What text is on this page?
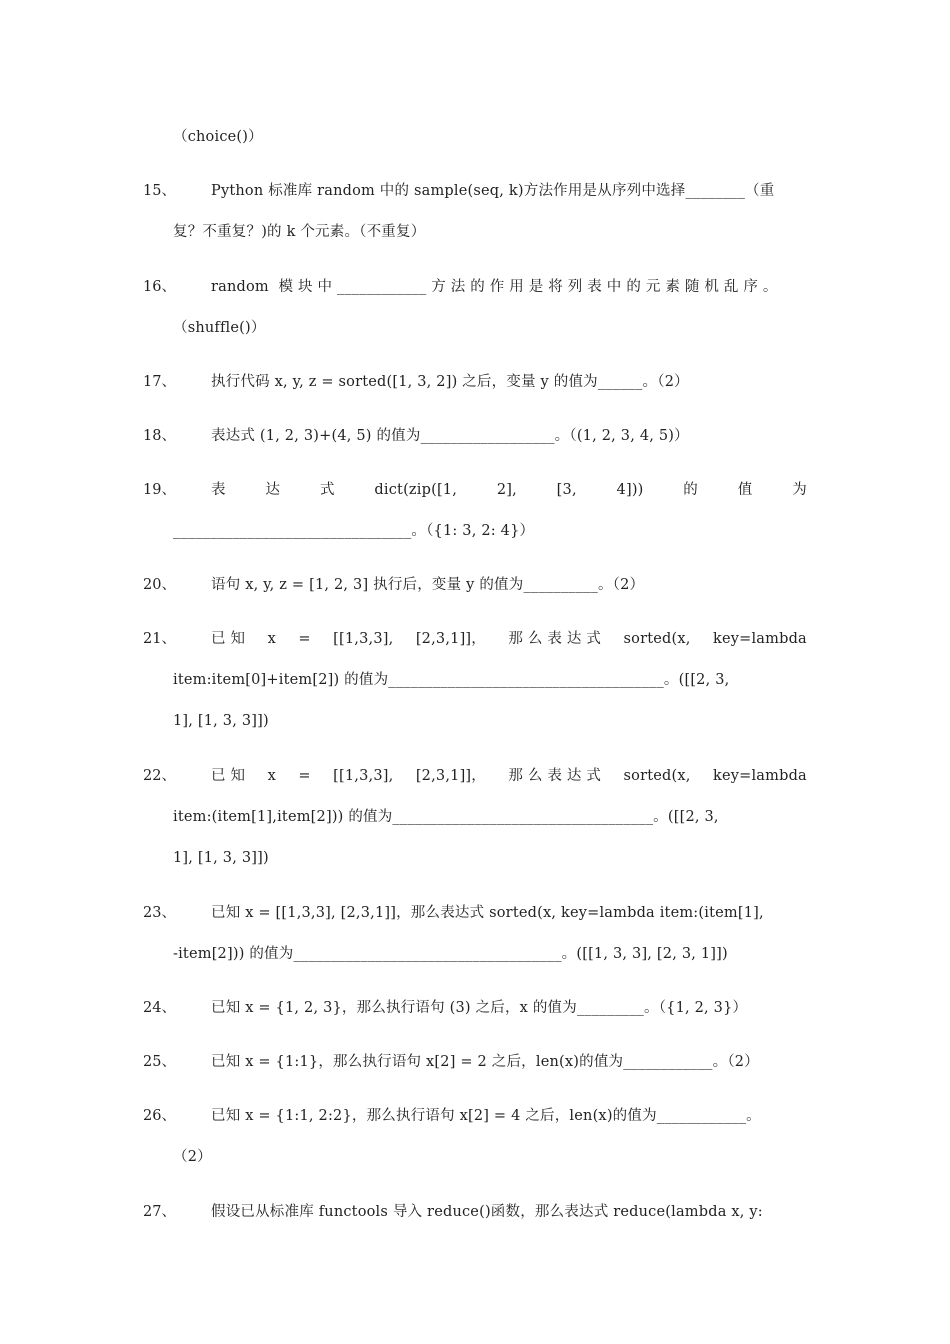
（choice()）
15、 Python 标准库 random 中的 sample(seq, k)方法作用是从序列中选择________（重
复？不重复？)的 k 个元素。（不重复）
16、 random  模 块 中 ____________ 方 法 的 作 用 是 将 列 表 中 的 元 素 随 机 乱 序 。
（shuffle()）
17、 执行代码 x, y, z = sorted([1, 3, 2]) 之后，变量 y 的值为______。（2）
18、 表达式 (1, 2, 3)+(4, 5) 的值为__________________。（(1, 2, 3, 4, 5)）
19、 表	达	式	dict(zip([1,	2],	[3,	4]))	的	值	为
________________________________。（{1: 3, 2: 4}）
20、 语句 x, y, z = [1, 2, 3] 执行后，变量 y 的值为__________。（2）
21、 已 知 x = [[1,3,3], [2,3,1]]， 那 么 表 达 式 sorted(x, key=lambda
item:item[0]+item[2]) 的值为_____________________________________。([[2, 3,
1], [1, 3, 3]])
22、 已 知 x = [[1,3,3], [2,3,1]]， 那 么 表 达 式 sorted(x, key=lambda
item:(item[1],item[2])) 的值为___________________________________。([[2, 3,
1], [1, 3, 3]])
23、 已知 x = [[1,3,3], [2,3,1]]，那么表达式 sorted(x, key=lambda item:(item[1],
-item[2])) 的值为____________________________________。([[1, 3, 3], [2, 3, 1]])
24、 已知 x = {1, 2, 3}，那么执行语句 (3) 之后，x 的值为_________。（{1, 2, 3}）
25、 已知 x = {1:1}，那么执行语句 x[2] = 2 之后，len(x)的值为____________。（2）
26、 已知 x = {1:1, 2:2}，那么执行语句 x[2] = 4 之后，len(x)的值为____________。
（2）
27、 假设已从标准库 functools 导入 reduce()函数，那么表达式 reduce(lambda x, y:
